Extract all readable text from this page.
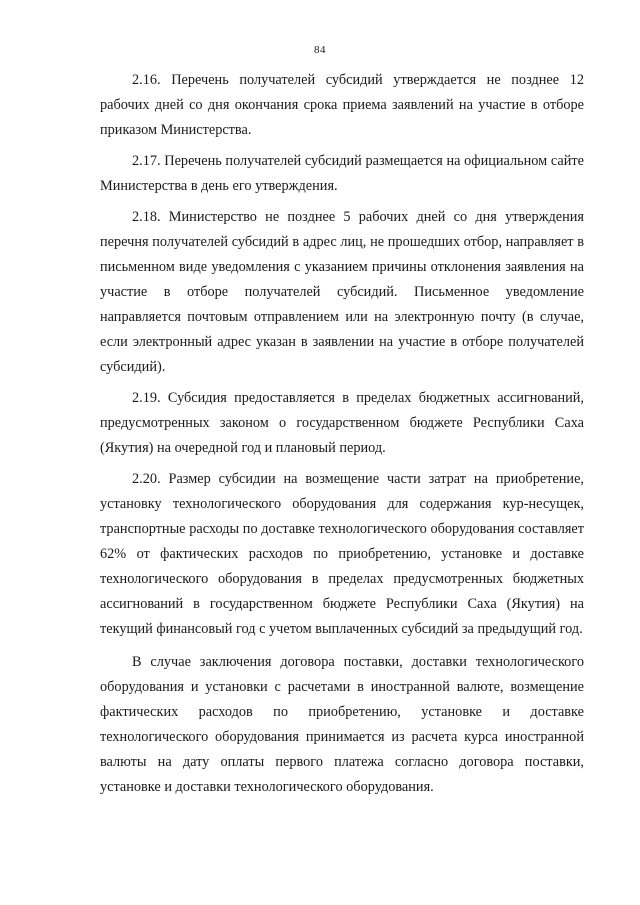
84

2.16. Перечень получателей субсидий утверждается не позднее 12 рабочих дней со дня окончания срока приема заявлений на участие в отборе приказом Министерства.

2.17. Перечень получателей субсидий размещается на официальном сайте Министерства в день его утверждения.

2.18. Министерство не позднее 5 рабочих дней со дня утверждения перечня получателей субсидий в адрес лиц, не прошедших отбор, направляет в письменном виде уведомления с указанием причины отклонения заявления на участие в отборе получателей субсидий. Письменное уведомление направляется почтовым отправлением или на электронную почту (в случае, если электронный адрес указан в заявлении на участие в отборе получателей субсидий).

2.19. Субсидия предоставляется в пределах бюджетных ассигнований, предусмотренных законом о государственном бюджете Республики Саха (Якутия) на очередной год и плановый период.

2.20. Размер субсидии на возмещение части затрат на приобретение, установку технологического оборудования для содержания кур-несущек, транспортные расходы по доставке технологического оборудования составляет 62% от фактических расходов по приобретению, установке и доставке технологического оборудования в пределах предусмотренных бюджетных ассигнований в государственном бюджете Республики Саха (Якутия) на текущий финансовый год с учетом выплаченных субсидий за предыдущий год.

В случае заключения договора поставки, доставки технологического оборудования и установки с расчетами в иностранной валюте, возмещение фактических расходов по приобретению, установке и доставке технологического оборудования принимается из расчета курса иностранной валюты на дату оплаты первого платежа согласно договора поставки, установке и доставки технологического оборудования.
